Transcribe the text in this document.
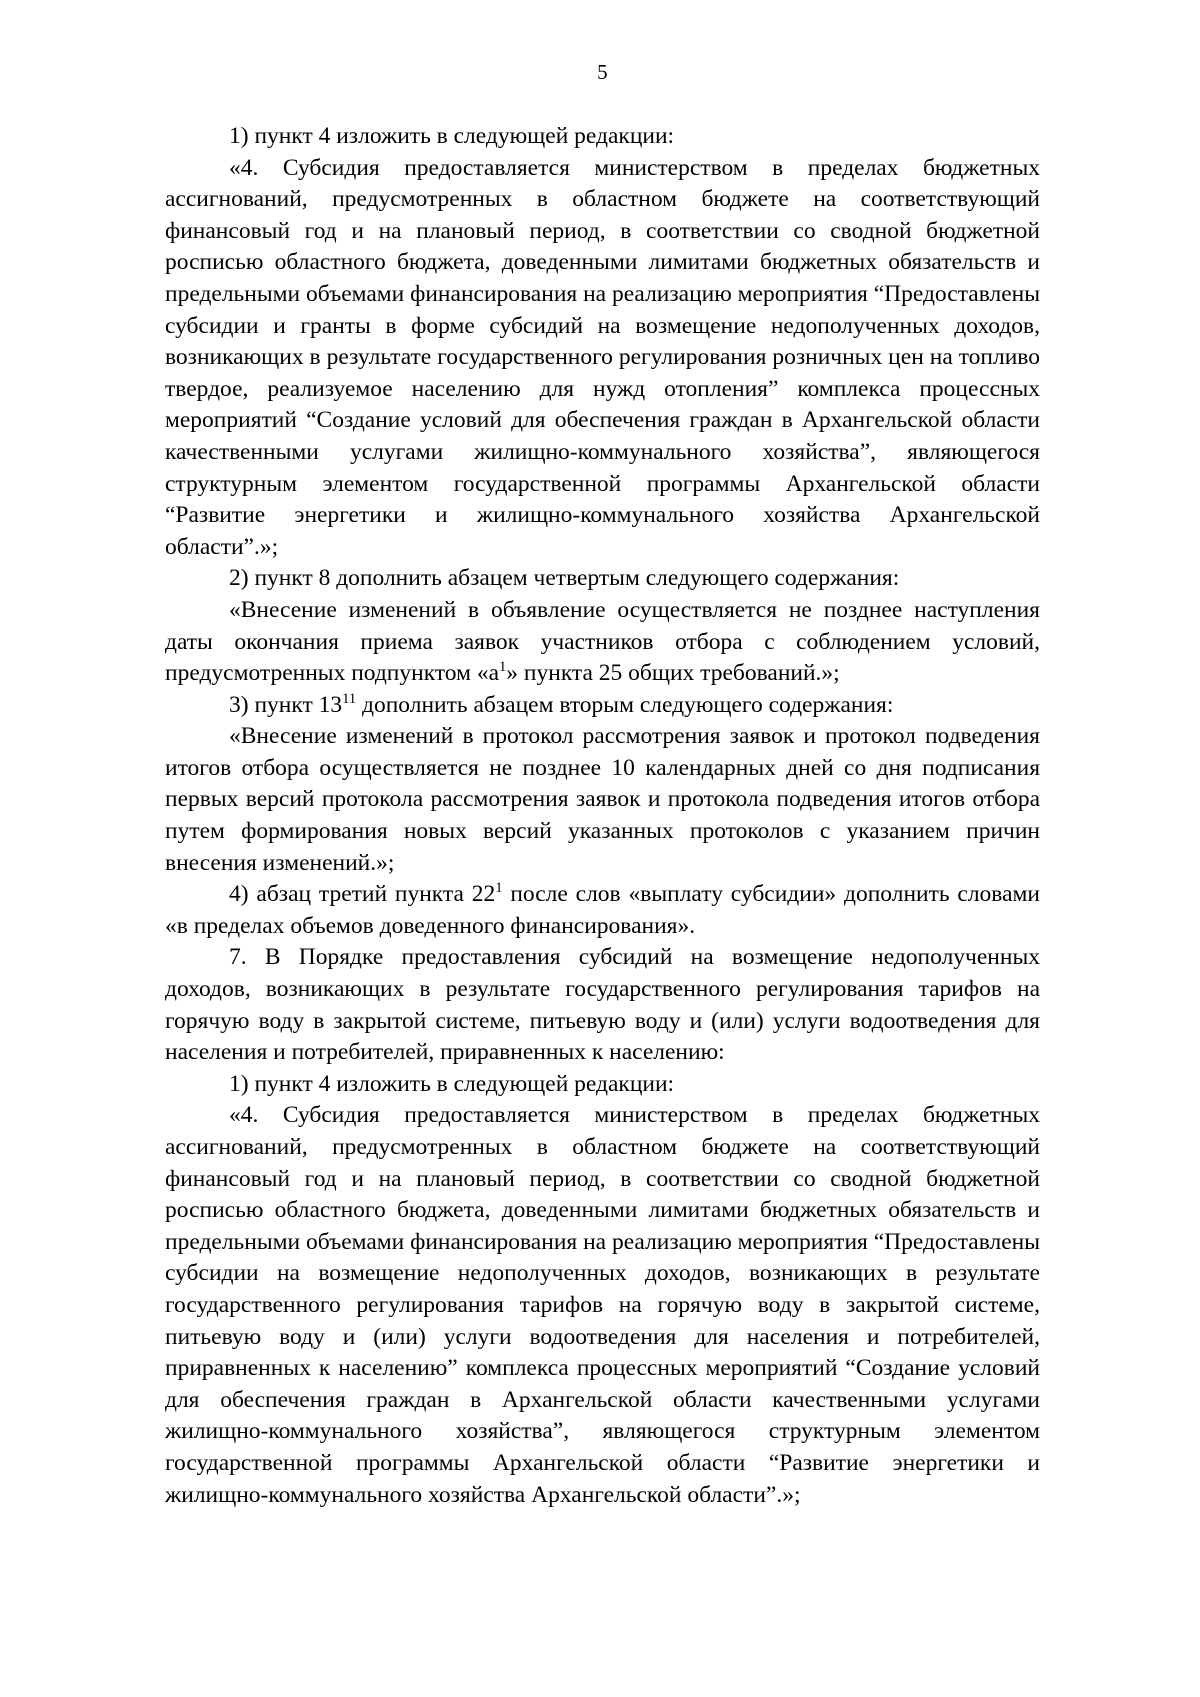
5

1) пункт 4 изложить в следующей редакции:

«4. Субсидия предоставляется министерством в пределах бюджетных ассигнований, предусмотренных в областном бюджете на соответствующий финансовый год и на плановый период, в соответствии со сводной бюджетной росписью областного бюджета, доведенными лимитами бюджетных обязательств и предельными объемами финансирования на реализацию мероприятия “Предоставлены субсидии и гранты в форме субсидий на возмещение недополученных доходов, возникающих в результате государственного регулирования розничных цен на топливо твердое, реализуемое населению для нужд отопления” комплекса процессных мероприятий “Создание условий для обеспечения граждан в Архангельской области качественными услугами жилищно-коммунального хозяйства”, являющегося структурным элементом государственной программы Архангельской области “Развитие энергетики и жилищно-коммунального хозяйства Архангельской области”.»;

2) пункт 8 дополнить абзацем четвертым следующего содержания:

«Внесение изменений в объявление осуществляется не позднее наступления даты окончания приема заявок участников отбора с соблюдением условий, предусмотренных подпунктом «$а^1$» пункта 25 общих требований.»;

3) пункт $13^{11}$ дополнить абзацем вторым следующего содержания:

«Внесение изменений в протокол рассмотрения заявок и протокол подведения итогов отбора осуществляется не позднее 10 календарных дней со дня подписания первых версий протокола рассмотрения заявок и протокола подведения итогов отбора путем формирования новых версий указанных протоколов с указанием причин внесения изменений.»;

4) абзац третий пункта $22^1$ после слов «выплату субсидии» дополнить словами «в пределах объемов доведенного финансирования».

7. В Порядке предоставления субсидий на возмещение недополученных доходов, возникающих в результате государственного регулирования тарифов на горячую воду в закрытой системе, питьевую воду и (или) услуги водоотведения для населения и потребителей, приравненных к населению:

1) пункт 4 изложить в следующей редакции:

«4. Субсидия предоставляется министерством в пределах бюджетных ассигнований, предусмотренных в областном бюджете на соответствующий финансовый год и на плановый период, в соответствии со сводной бюджетной росписью областного бюджета, доведенными лимитами бюджетных обязательств и предельными объемами финансирования на реализацию мероприятия “Предоставлены субсидии на возмещение недополученных доходов, возникающих в результате государственного регулирования тарифов на горячую воду в закрытой системе, питьевую воду и (или) услуги водоотведения для населения и потребителей, приравненных к населению” комплекса процессных мероприятий “Создание условий для обеспечения граждан в Архангельской области качественными услугами жилищно-коммунального хозяйства”, являющегося структурным элементом государственной программы Архангельской области “Развитие энергетики и жилищно-коммунального хозяйства Архангельской области”.»;
